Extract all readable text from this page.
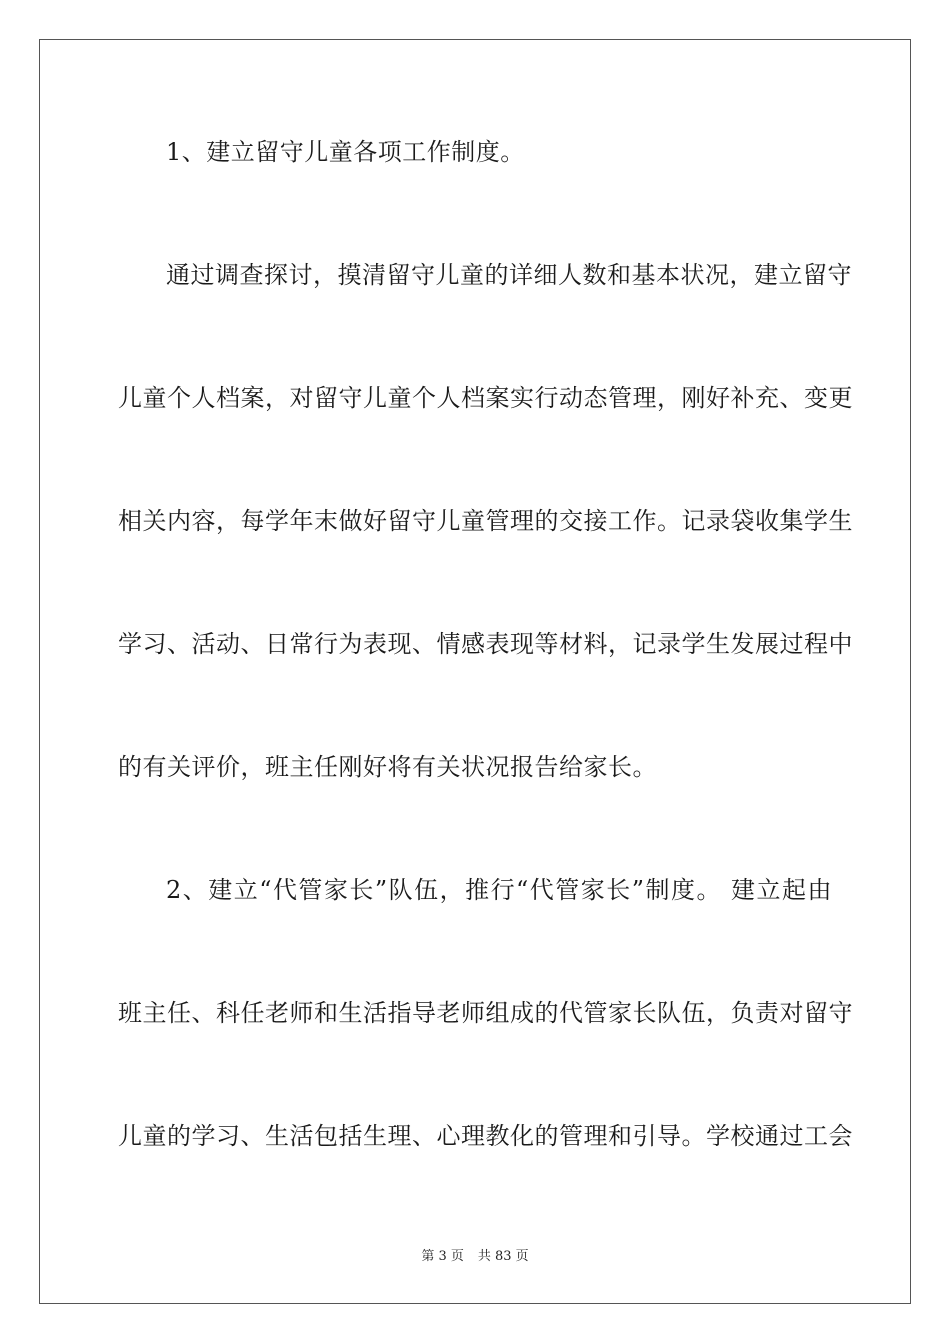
1、建立留守儿童各项工作制度。
通过调查探讨，摸清留守儿童的详细人数和基本状况，建立留守
儿童个人档案，对留守儿童个人档案实行动态管理，刚好补充、变更
相关内容，每学年末做好留守儿童管理的交接工作。记录袋收集学生
学习、活动、日常行为表现、情感表现等材料，记录学生发展过程中
的有关评价，班主任刚好将有关状况报告给家长。
2、建立“代管家长”队伍，推行“代管家长”制度。 建立起由
班主任、科任老师和生活指导老师组成的代管家长队伍，负责对留守
儿童的学习、生活包括生理、心理教化的管理和引导。学校通过工会
第 3 页 共 83 页
